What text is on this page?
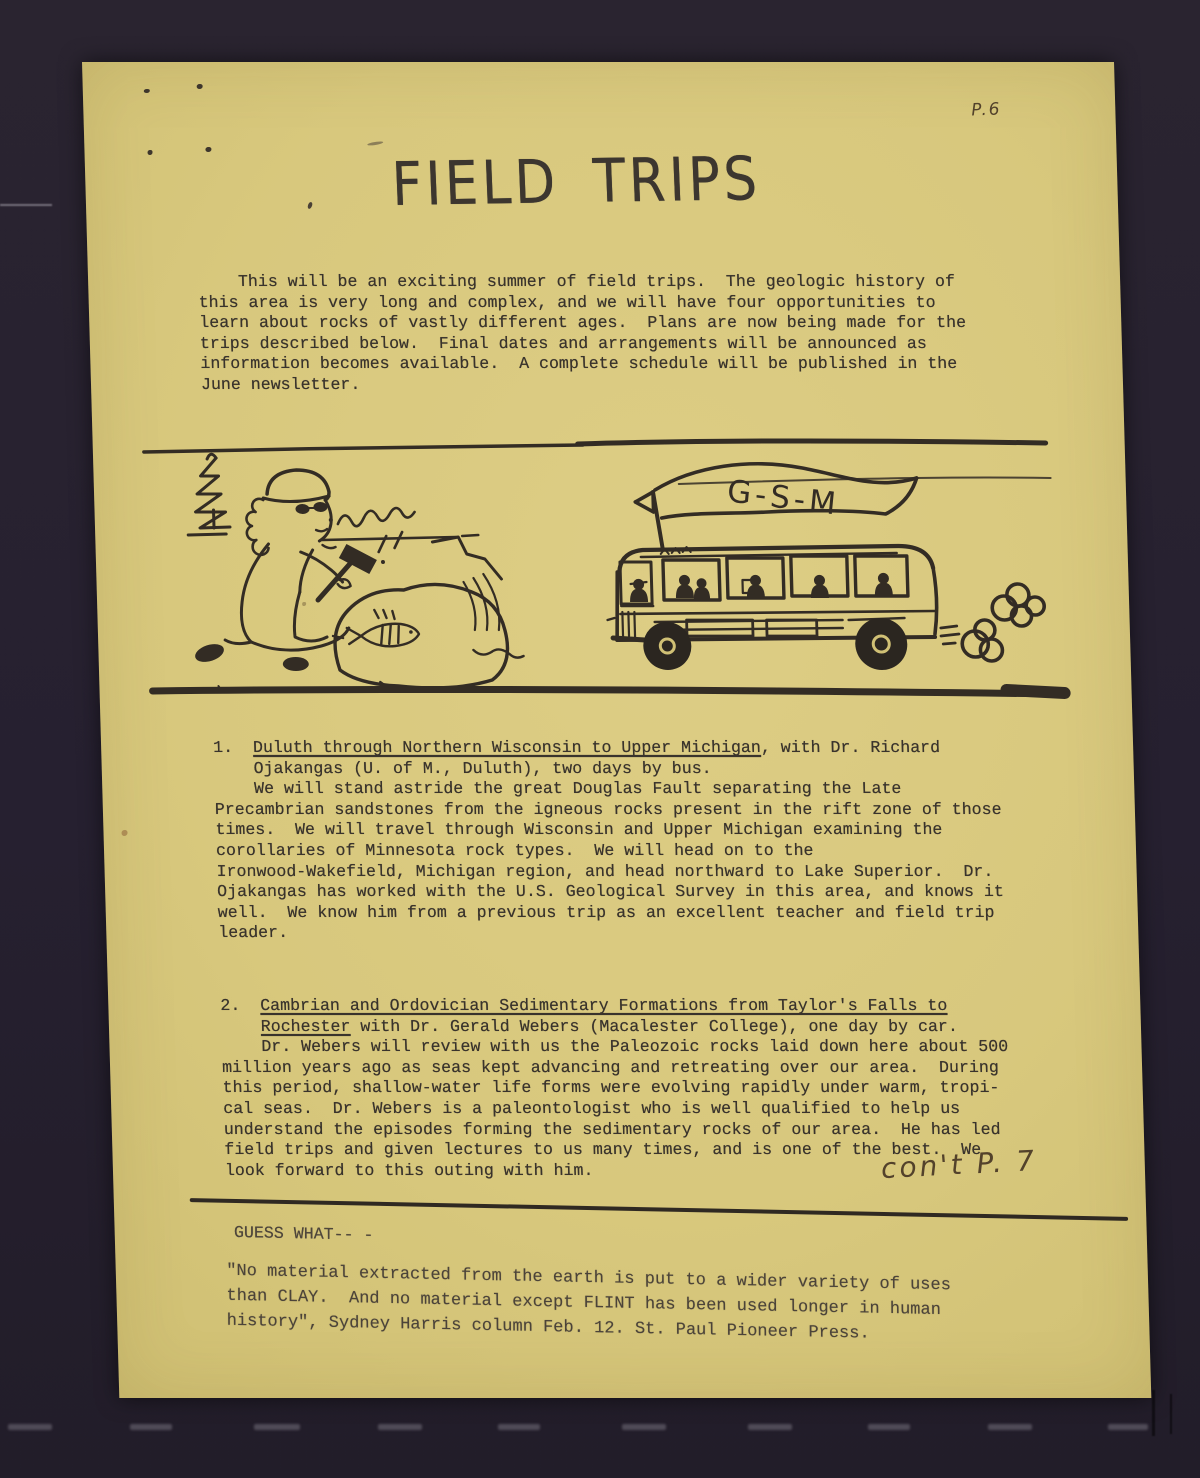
P.6
FIELD TRIPS
This will be an exciting summer of field trips.  The geologic history of
this area is very long and complex, and we will have four opportunities to
learn about rocks of vastly different ages.  Plans are now being made for the
trips described below.  Final dates and arrangements will be announced as
information becomes available.  A complete schedule will be published in the
June newsletter.
G-S-M
1.  Duluth through Northern Wisconsin to Upper Michigan, with Dr. Richard
Ojakangas (U. of M., Duluth), two days by bus.
We will stand astride the great Douglas Fault separating the Late
Precambrian sandstones from the igneous rocks present in the rift zone of those
times.  We will travel through Wisconsin and Upper Michigan examining the
corollaries of Minnesota rock types.  We will head on to the
Ironwood-Wakefield, Michigan region, and head northward to Lake Superior.  Dr.
Ojakangas has worked with the U.S. Geological Survey in this area, and knows it
well.  We know him from a previous trip as an excellent teacher and field trip
leader.
2.  Cambrian and Ordovician Sedimentary Formations from Taylor's Falls to
Rochester with Dr. Gerald Webers (Macalester College), one day by car.
Dr. Webers will review with us the Paleozoic rocks laid down here about 500
million years ago as seas kept advancing and retreating over our area.  During
this period, shallow-water life forms were evolving rapidly under warm, tropi-
cal seas.  Dr. Webers is a paleontologist who is well qualified to help us
understand the episodes forming the sedimentary rocks of our area.  He has led
field trips and given lectures to us many times, and is one of the best.  We
look forward to this outing with him.	con't P. 7
GUESS WHAT-- -
"No material extracted from the earth is put to a wider variety of uses
than CLAY.  And no material except FLINT has been used longer in human
history", Sydney Harris column Feb. 12. St. Paul Pioneer Press.
